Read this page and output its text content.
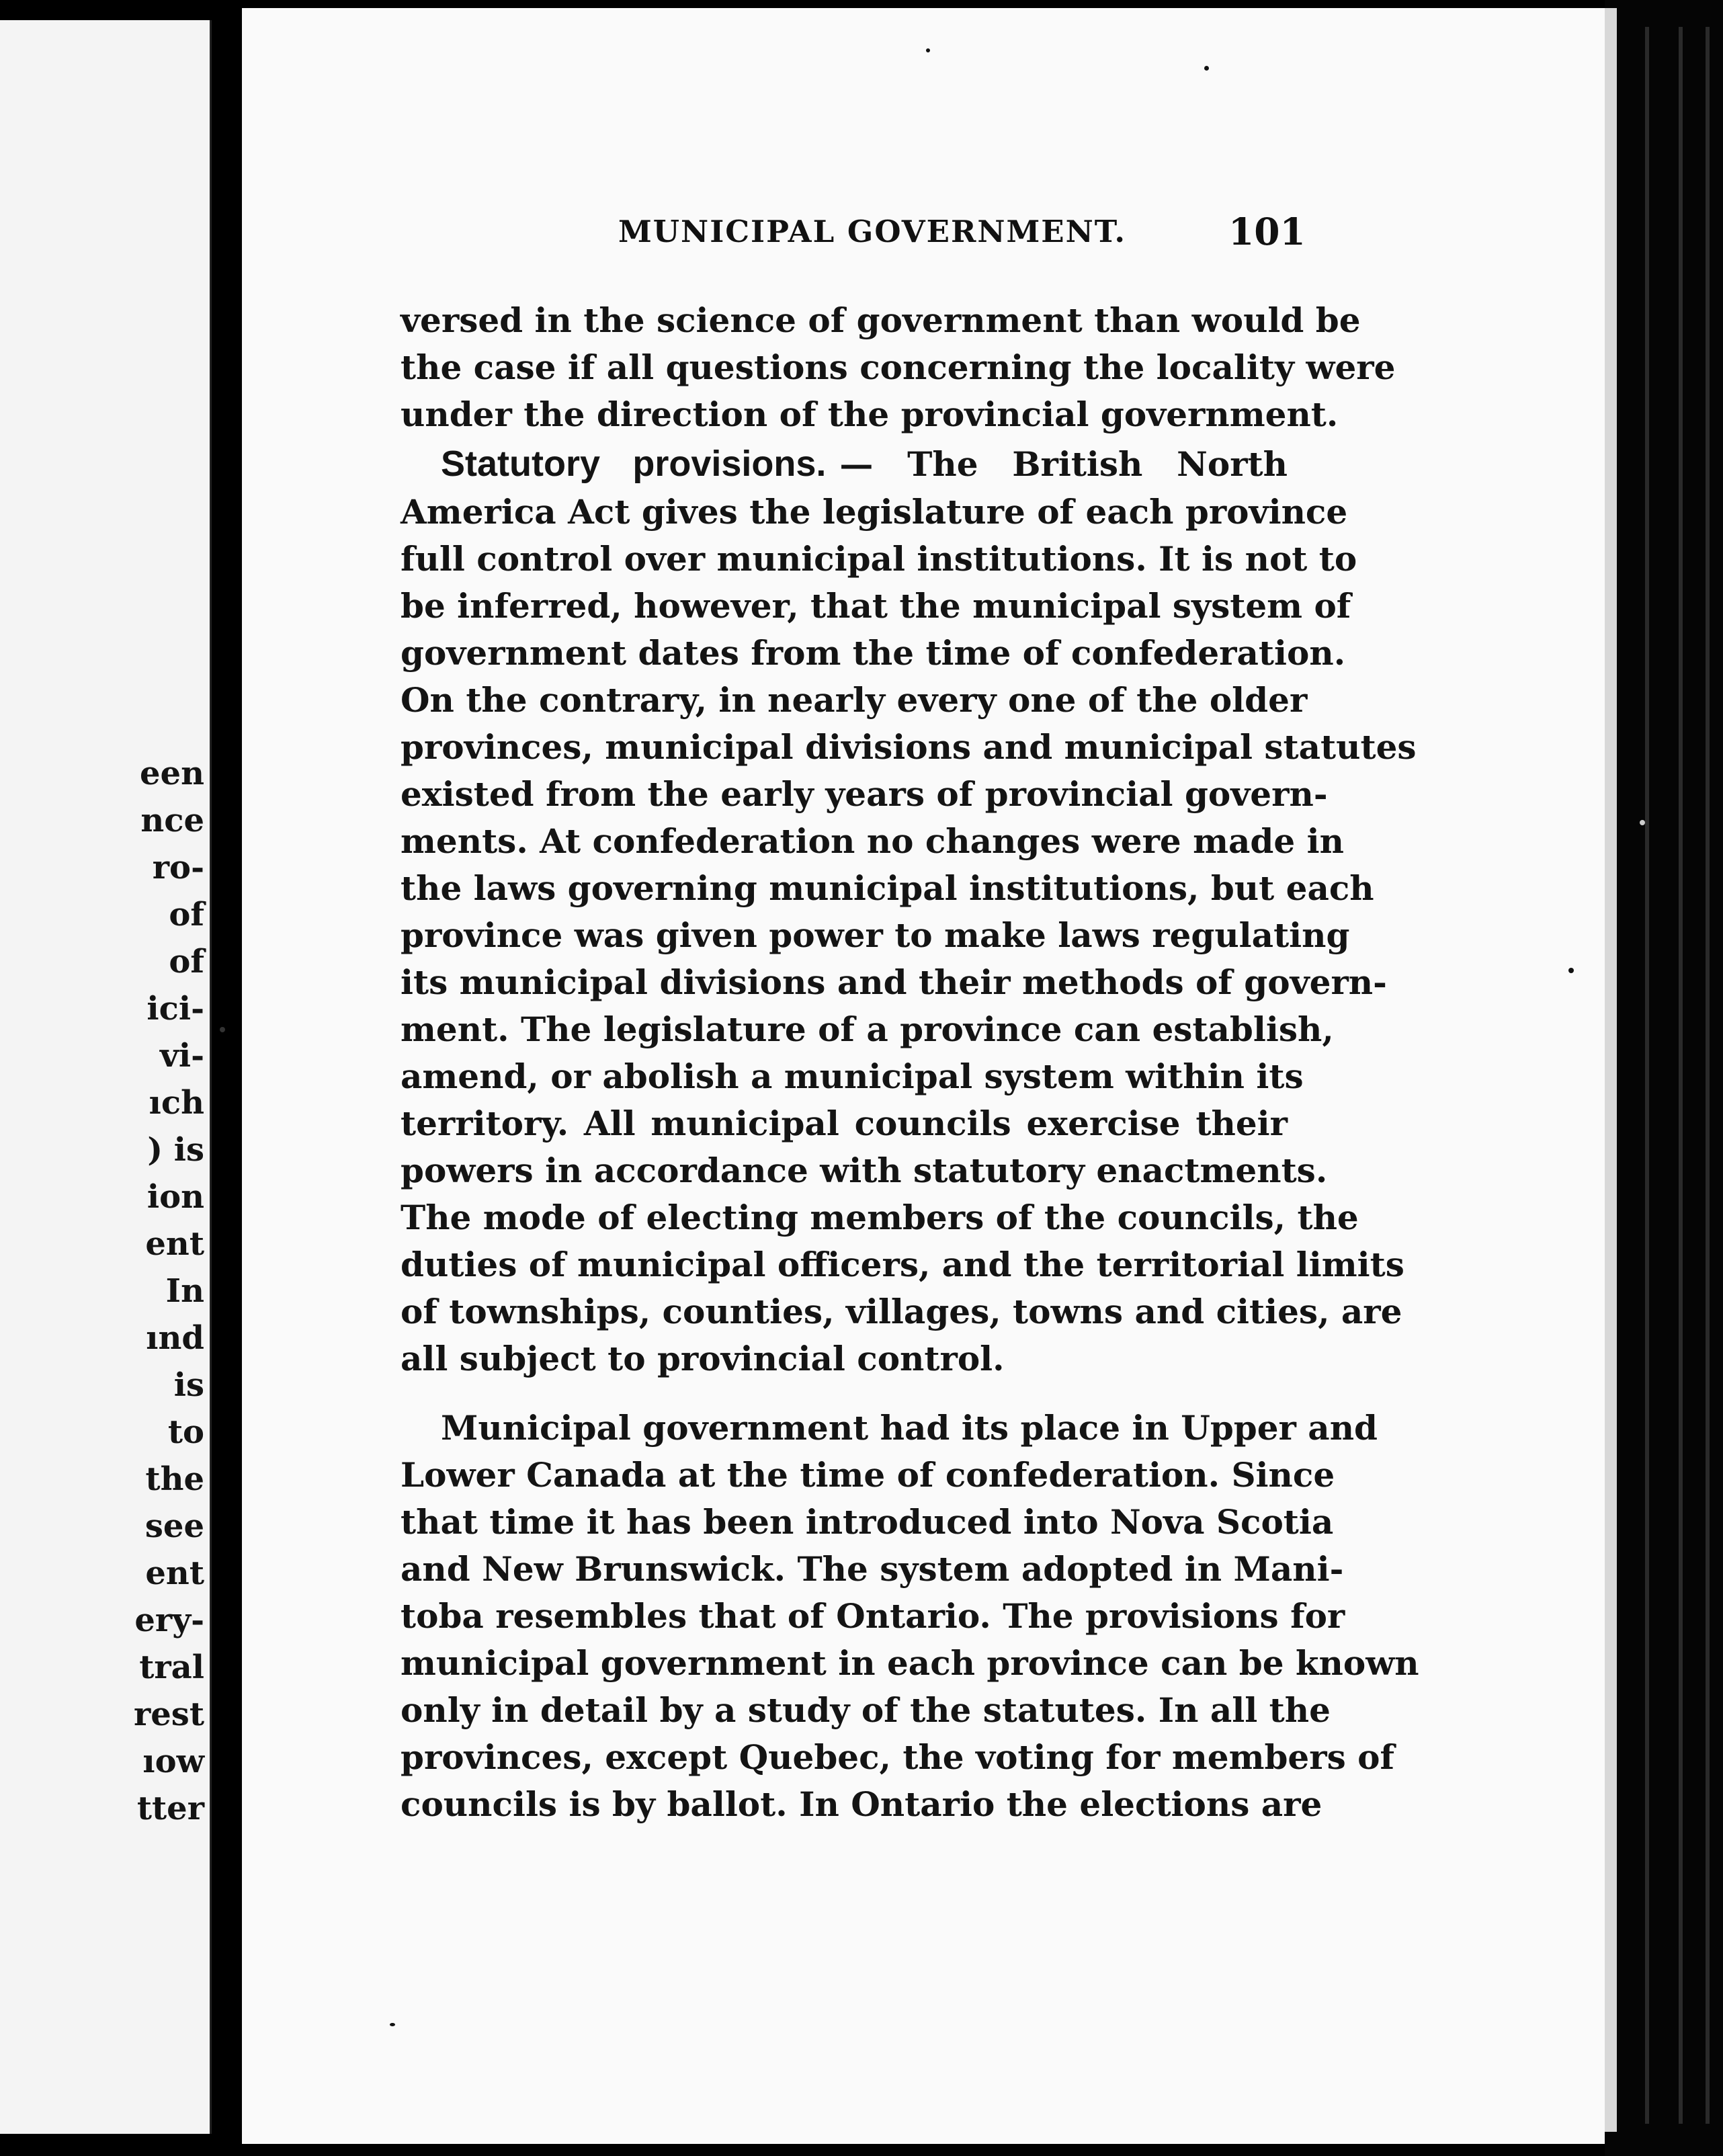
een
nce
ro-
of
of
ici-
vi-
ıch
) is
ion
ent
In
ınd
is
to
the
see
ent
ery-
tral
rest
ıow
tter
MUNICIPAL GOVERNMENT.	101
versed in the science of government than would be
the case if all questions concerning the locality were
under the direction of the provincial government.
Statutory provisions. — The British North
America Act gives the legislature of each province
full control over municipal institutions. It is not to
be inferred, however, that the municipal system of
government dates from the time of confederation.
On the contrary, in nearly every one of the older
provinces, municipal divisions and municipal statutes
existed from the early years of provincial govern-
ments. At confederation no changes were made in
the laws governing municipal institutions, but each
province was given power to make laws regulating
its municipal divisions and their methods of govern-
ment. The legislature of a province can establish,
amend, or abolish a municipal system within its
territory. All municipal councils exercise their
powers in accordance with statutory enactments.
The mode of electing members of the councils, the
duties of municipal officers, and the territorial limits
of townships, counties, villages, towns and cities, are
all subject to provincial control.
Municipal government had its place in Upper and
Lower Canada at the time of confederation. Since
that time it has been introduced into Nova Scotia
and New Brunswick. The system adopted in Mani-
toba resembles that of Ontario. The provisions for
municipal government in each province can be known
only in detail by a study of the statutes. In all the
provinces, except Quebec, the voting for members of
councils is by ballot. In Ontario the elections are
